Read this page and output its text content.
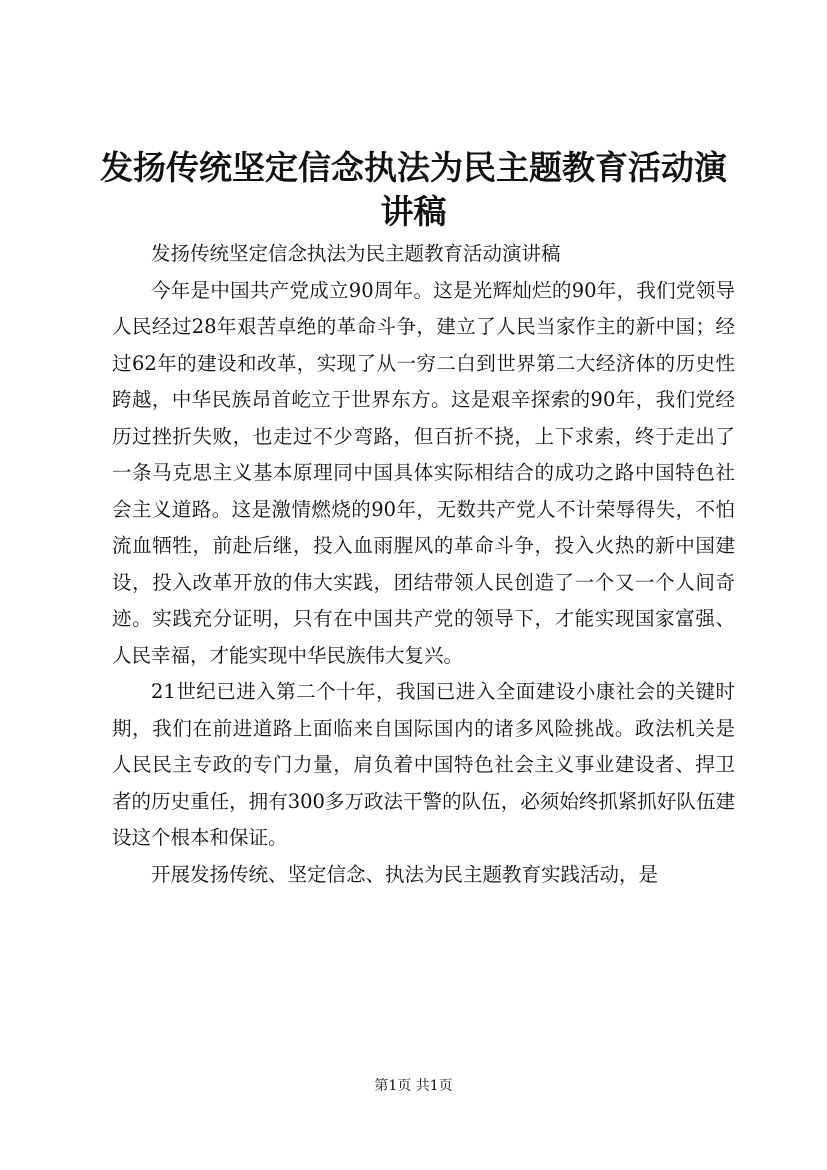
发扬传统坚定信念执法为民主题教育活动演讲稿

发扬传统坚定信念执法为民主题教育活动演讲稿

今年是中国共产党成立90周年。这是光辉灿烂的90年，我们党领导人民经过28年艰苦卓绝的革命斗争，建立了人民当家作主的新中国；经过62年的建设和改革，实现了从一穷二白到世界第二大经济体的历史性跨越，中华民族昂首屹立于世界东方。这是艰辛探索的90年，我们党经历过挫折失败，也走过不少弯路，但百折不挠，上下求索，终于走出了一条马克思主义基本原理同中国具体实际相结合的成功之路中国特色社会主义道路。这是激情燃烧的90年，无数共产党人不计荣辱得失，不怕流血牺牲，前赴后继，投入血雨腥风的革命斗争，投入火热的新中国建设，投入改革开放的伟大实践，团结带领人民创造了一个又一个人间奇迹。实践充分证明，只有在中国共产党的领导下，才能实现国家富强、人民幸福，才能实现中华民族伟大复兴。

21世纪已进入第二个十年，我国已进入全面建设小康社会的关键时期，我们在前进道路上面临来自国际国内的诸多风险挑战。政法机关是人民民主专政的专门力量，肩负着中国特色社会主义事业建设者、捍卫者的历史重任，拥有300多万政法干警的队伍，必须始终抓紧抓好队伍建设这个根本和保证。

开展发扬传统、坚定信念、执法为民主题教育实践活动，是

第1页 共1页
